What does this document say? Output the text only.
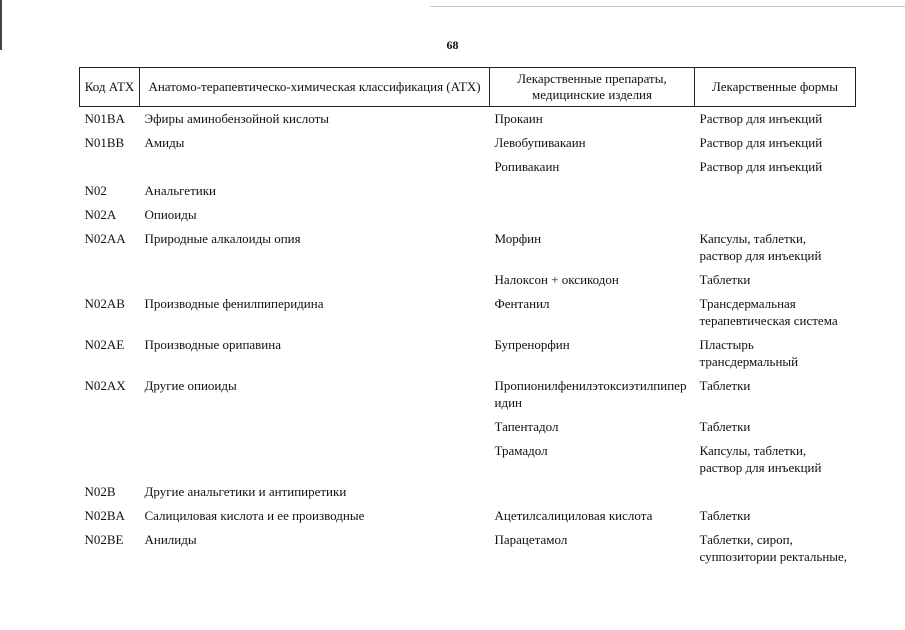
68
Код АТХ	Анатомо-терапевтическо-химическая классификация (АТХ)	Лекарственные препараты, медицинские изделия	Лекарственные формы
N01BA	Эфиры аминобензойной кислоты	Прокаин	Раствор для инъекций
N01BB	Амиды	Левобупивакаин	Раствор для инъекций
		Ропивакаин	Раствор для инъекций
N02	Анальгетики		
N02A	Опиоиды		
N02AA	Природные алкалоиды опия	Морфин	Капсулы, таблетки, раствор для инъекций
		Налоксон + оксикодон	Таблетки
N02AB	Производные фенилпиперидина	Фентанил	Трансдермальная терапевтическая система
N02AE	Производные орипавина	Бупренорфин	Пластырь трансдермальный
N02AX	Другие опиоиды	Пропионилфенилэтоксиэтилпиперидин	Таблетки
		Тапентадол	Таблетки
		Трамадол	Капсулы, таблетки, раствор для инъекций
N02B	Другие анальгетики и антипиретики		
N02BA	Салициловая кислота и ее производные	Ацетилсалициловая кислота	Таблетки
N02BE	Анилиды	Парацетамол	Таблетки, сироп, суппозитории ректальные,
